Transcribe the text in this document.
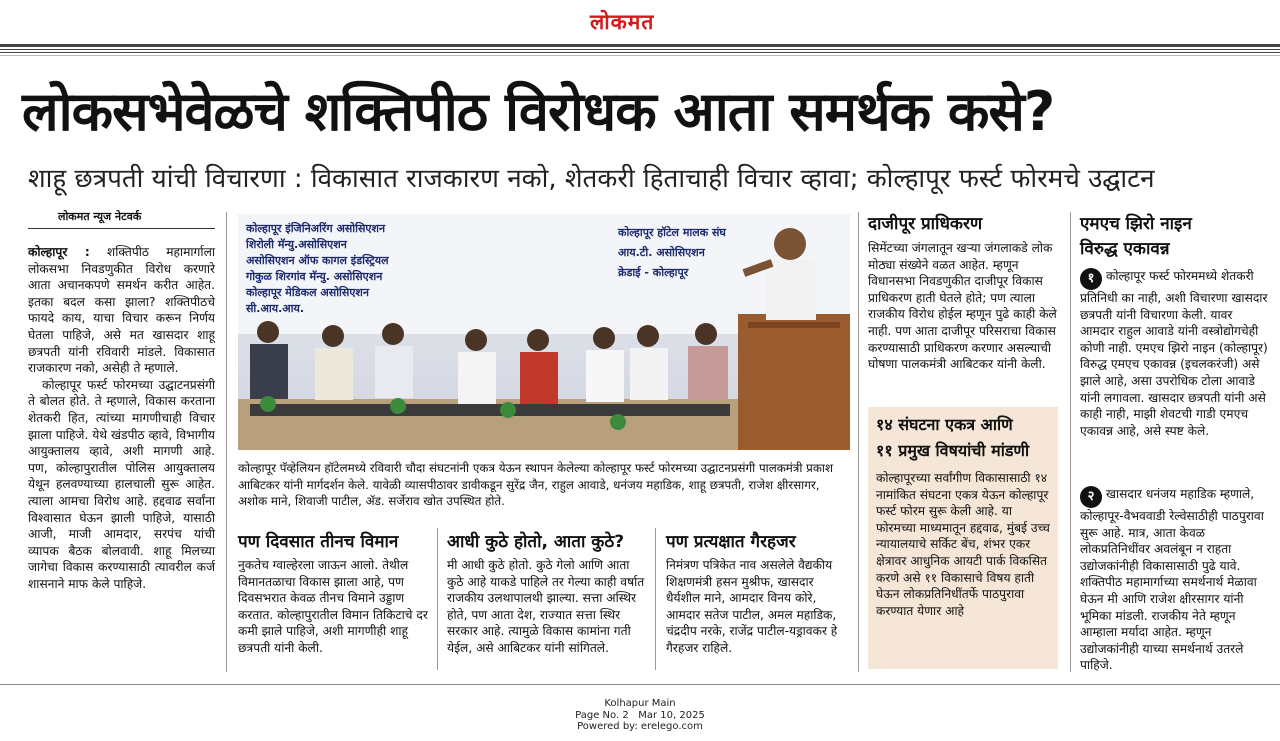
लोकमत
लोकसभेवेळचे शक्तिपीठ विरोधक आता समर्थक कसे?
शाहू छत्रपती यांची विचारणा : विकासात राजकारण नको, शेतकरी हिताचाही विचार व्हावा; कोल्हापूर फर्स्ट फोरमचे उद्घाटन
लोकमत न्यूज नेटवर्क

कोल्हापूर : शक्तिपीठ महामार्गाला लोकसभा निवडणुकीत विरोध करणारे आता अचानकपणे समर्थन करीत आहेत. इतका बदल कसा झाला? शक्तिपीठचे फायदे काय, याचा विचार करून निर्णय घेतला पाहिजे, असे मत खासदार शाहू छत्रपती यांनी रविवारी मांडले. विकासात राजकारण नको, असेही ते म्हणाले.

कोल्हापूर फर्स्ट फोरमच्या उद्घाटनप्रसंगी ते बोलत होते. ते म्हणाले, विकास करताना शेतकरी हित, त्यांच्या मागणीचाही विचार झाला पाहिजे. येथे खंडपीठ व्हावे, विभागीय आयुक्तालय व्हावे, अशी मागणी आहे. पण, कोल्हापुरातील पोलिस आयुक्तालय येथून हलवण्याच्या हालचाली सुरू आहेत. त्याला आमचा विरोध आहे. हद्दवाढ सर्वांना विश्वासात घेऊन झाली पाहिजे, यासाठी आजी, माजी आमदार, सरपंच यांची व्यापक बैठक बोलवावी. शाहू मिलच्या जागेचा विकास करण्यासाठी त्यावरील कर्ज शासनाने माफ केले पाहिजे.

कोल्हापूर इंजिनिअरिंग असोसिएशन
शिरोली मॅन्यु.असोसिएशन
असोसिएशन ऑफ कागल इंडस्ट्रियल
गोकुळ शिरगांव मॅन्यु. असोसिएशन
कोल्हापूर मेडिकल असोसिएशन
सी.आय.आय.
कोल्हापूर हॉटेल मालक संघ
आय.टी. असोसिएशन
क्रेडाई - कोल्हापूर
कोल्हापूर पॅव्हेलियन हॉटेलमध्ये रविवारी चौदा संघटनांनी एकत्र येऊन स्थापन केलेल्या कोल्हापूर फर्स्ट फोरमच्या उद्घाटनप्रसंगी पालकमंत्री प्रकाश आबिटकर यांनी मार्गदर्शन केले. यावेळी व्यासपीठावर डावीकडून सुरेंद्र जैन, राहुल आवाडे, धनंजय महाडिक, शाहू छत्रपती, राजेश क्षीरसागर, अशोक माने, शिवाजी पाटील, ॲड. सर्जेराव खोत उपस्थित होते.
दाजीपूर प्राधिकरण
सिमेंटच्या जंगलातून खऱ्या जंगलाकडे लोक मोठ्या संख्येने वळत आहेत. म्हणून विधानसभा निवडणुकीत दाजीपूर विकास प्राधिकरण हाती घेतले होते; पण त्याला राजकीय विरोध होईल म्हणून पुढे काही केले नाही. पण आता दाजीपूर परिसराचा विकास करण्यासाठी प्राधिकरण करणार असल्याची घोषणा पालकमंत्री आबिटकर यांनी केली.
१४ संघटना एकत्र आणि
११ प्रमुख विषयांची मांडणी
कोल्हापूरच्या सर्वांगीण विकासासाठी १४ नामांकित संघटना एकत्र येऊन कोल्हापूर फर्स्ट फोरम सुरू केली आहे. या फोरमच्या माध्यमातून हद्दवाढ, मुंबई उच्च न्यायालयाचे सर्किट बेंच, शंभर एकर क्षेत्रावर आधुनिक आयटी पार्क विकसित करणे असे ११ विकासाचे विषय हाती घेऊन लोकप्रतिनिधींतर्फे पाठपुरावा करण्यात येणार आहे
एमएच झिरो नाइन
विरुद्ध एकावन्न
१ कोल्हापूर फर्स्ट फोरममध्ये शेतकरी प्रतिनिधी का नाही, अशी विचारणा खासदार छत्रपती यांनी विचारणा केली. यावर आमदार राहुल आवाडे यांनी वस्त्रोद्योगचेही कोणी नाही. एमएच झिरो नाइन (कोल्हापूर) विरुद्ध एमएच एकावन्न (इचलकरंजी) असे झाले आहे, असा उपरोधिक टोला आवाडे यांनी लगावला. खासदार छत्रपती यांनी असे काही नाही, माझी शेवटची गाडी एमएच एकावन्न आहे, असे स्पष्ट केले.
२ खासदार धनंजय महाडिक म्हणाले, कोल्हापूर-वैभववाडी रेल्वेसाठीही पाठपुरावा सुरू आहे. मात्र, आता केवळ लोकप्रतिनिधींवर अवलंबून न राहता उद्योजकांनीही विकासासाठी पुढे यावे. शक्तिपीठ महामार्गाच्या समर्थनार्थ मेळावा घेऊन मी आणि राजेश क्षीरसागर यांनी भूमिका मांडली. राजकीय नेते म्हणून आम्हाला मर्यादा आहेत. म्हणून उद्योजकांनीही याच्या समर्थनार्थ उतरले पाहिजे.
पण दिवसात तीनच विमान
नुकतेच ग्वाल्हेरला जाऊन आलो. तेथील विमानतळाचा विकास झाला आहे, पण दिवसभरात केवळ तीनच विमाने उड्डाण करतात. कोल्हापुरातील विमान तिकिटाचे दर कमी झाले पाहिजे, अशी मागणीही शाहू छत्रपती यांनी केली.
आधी कुठे होतो, आता कुठे?
मी आधी कुठे होतो. कुठे गेलो आणि आता कुठे आहे याकडे पाहिले तर गेल्या काही वर्षात राजकीय उलथापालथी झाल्या. सत्ता अस्थिर होते, पण आता देश, राज्यात सत्ता स्थिर सरकार आहे. त्यामुळे विकास कामांना गती येईल, असे आबिटकर यांनी सांगितले.
पण प्रत्यक्षात गैरहजर
निमंत्रण पत्रिकेत नाव असलेले वैद्यकीय शिक्षणमंत्री हसन मुश्रीफ, खासदार धैर्यशील माने, आमदार विनय कोरे, आमदार सतेज पाटील, अमल महाडिक, चंद्रदीप नरके, राजेंद्र पाटील-यड्रावकर हे गैरहजर राहिले.
Kolhapur Main
Page No. 2 Mar 10, 2025
Powered by: erelego.com
